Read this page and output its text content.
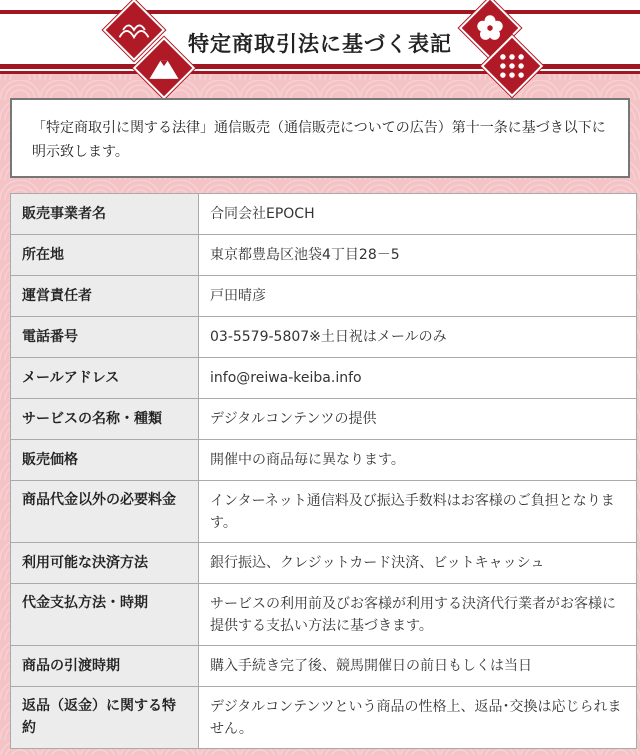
特定商取引法に基づく表記
「特定商取引に関する法律」通信販売（通信販売についての広告）第十一条に基づき以下に明示致します。
販売事業者名	合同会社EPOCH
所在地	東京都豊島区池袋4丁目28－5
運営責任者	戸田晴彦
電話番号	03-5579-5807※土日祝はメールのみ
メールアドレス	info@reiwa-keiba.info
サービスの名称・種類	デジタルコンテンツの提供
販売価格	開催中の商品毎に異なります。
商品代金以外の必要料金	インターネット通信料及び振込手数料はお客様のご負担となります。
利用可能な決済方法	銀行振込、クレジットカード決済、ビットキャッシュ
代金支払方法・時期	サービスの利用前及びお客様が利用する決済代行業者がお客様に提供する支払い方法に基づきます。
商品の引渡時期	購入手続き完了後、競馬開催日の前日もしくは当日
返品（返金）に関する特約	デジタルコンテンツという商品の性格上、返品･交換は応じられません。
